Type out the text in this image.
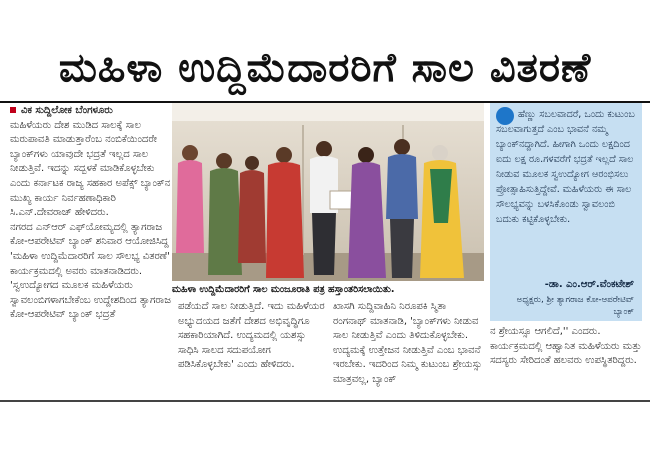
ಮಹಿಳಾ ಉದ್ದಿಮೆದಾರರಿಗೆ ಸಾಲ ವಿತರಣೆ

ವಿಕ ಸುದ್ದಿಲೋಕ ಬೆಂಗಳೂರು

ಮಹಿಳೆಯರು ದೇಶ ಮುಡಿದ ಸಾಲಕ್ಕೆ ಸಾಲ ಮರುಪಾವತಿ ಮಾಡುತ್ತಾರೆಂಬ ನಂಬಿಕೆಯಿಂದರೇ ಬ್ಯಾಂಕ್‌ಗಳು ಯಾವುದೇ ಭದ್ರತೆ ಇಲ್ಲದ ಸಾಲ ನೀಡುತ್ತಿವೆ. ಇದನ್ನು ಸದ್ಬಳಕೆ ಮಾಡಿಕೊಳ್ಳಬೇಕು ಎಂದು ಕರ್ನಾಟಕ ರಾಜ್ಯ ಸಹಕಾರ ಅಪೆಕ್ಸ್ ಬ್ಯಾಂಕ್‌ನ ಮುಖ್ಯ ಕಾರ್ಯ ನಿರ್ವಹಣಾಧಿಕಾರಿ ಸಿ.ಎನ್.ದೇವರಾಜ್ ಹೇಳಿದರು.

ನಗರದ ಎನ್‌ಆರ್ ಎಫ್‌ಯೋಮ್ಯದಲ್ಲಿ ತ್ಯಾಗರಾಜ ಕೋ-ಆಪರೇಟಿವ್ ಬ್ಯಾಂಕ್ ಶನಿವಾರ ಆಯೋಜಿಸಿದ್ದ 'ಮಹಿಳಾ ಉದ್ದಿಮೆದಾರರಿಗೆ ಸಾಲ ಸೌಲಭ್ಯ ವಿತರಣೆ' ಕಾರ್ಯಕ್ರಮದಲ್ಲಿ ಅವರು ಮಾತನಾಡಿದರು.

'ಸ್ವಉದ್ಯೋಗದ ಮೂಲಕ ಮಹಿಳೆಯರು ಸ್ವಾವಲಂಬಿಗಳಾಗಬೇಕೆಂಬ ಉದ್ದೇಶದಿಂದ ತ್ಯಾಗರಾಜ ಕೋ-ಆಪರೇಟಿವ್ ಬ್ಯಾಂಕ್ ಭದ್ರತೆ

ಮಹಿಳಾ ಉದ್ದಿಮೆದಾರರಿಗೆ ಸಾಲ ಮಂಜೂರಾತಿ ಪತ್ರ ಹಸ್ತಾಂತರಿಸಲಾಯಿತು.

ಪಡೆಯದೆ ಸಾಲ ನೀಡುತ್ತಿದೆ. ಇದು ಮಹಿಳೆಯರ ಅಭ್ಯುದಯದ ಜತೆಗೆ ದೇಶದ ಅಭಿವೃದ್ಧಿಗೂ ಸಹಕಾರಿಯಾಗಿದೆ. ಉದ್ಯಮದಲ್ಲಿ ಯಶಸ್ಸು ಸಾಧಿಸಿ ಸಾಲದ ಸದುಪಯೋಗ ಪಡಿಸಿಕೊಳ್ಳಬೇಕು' ಎಂದು ಹೇಳಿದರು.

ಖಾಸಗಿ ಸುದ್ದಿವಾಹಿನಿ ನಿರೂಪಕಿ ಸ್ಮಿತಾ ರಂಗನಾಥ್ ಮಾತನಾಡಿ, 'ಬ್ಯಾಂಕ್‌ಗಳು ನೀಡುವ ಸಾಲ ನೀಡುತ್ತಿವೆ ಎಂದು ತಿಳಿದುಕೊಳ್ಳಬೇಕು. ಉದ್ಯಮಕ್ಕೆ ಉತ್ತೇಜನ ನೀಡುತ್ತಿವೆ ಎಂಬ ಭಾವನೆ ಇರಬೇಕು. ಇದರಿಂದ ನಿಮ್ಮ ಕುಟುಂಬ ಶ್ರೇಯಸ್ಸು ಮಾತ್ರವಲ್ಲ, ಬ್ಯಾಂಕ್

ಹೆಣ್ಣು ಸಬಲವಾದರೆ, ಒಂದು ಕುಟುಂಬ ಸಬಲವಾಗುತ್ತದೆ ಎಂಬ ಭಾವನೆ ನಮ್ಮ ಬ್ಯಾಂಕ್‌ನದ್ದಾಗಿದೆ. ಹೀಗಾಗಿ ಒಂದು ಲಕ್ಷದಿಂದ ಐದು ಲಕ್ಷ ರೂ.ಗಳವರೆಗೆ ಭದ್ರತೆ ಇಲ್ಲದೆ ಸಾಲ ನೀಡುವ ಮೂಲಕ ಸ್ವಉದ್ಯೋಗ ಆರಂಭಿಸಲು ಪ್ರೋತ್ಸಾಹಿಸುತ್ತಿದ್ದೇವೆ. ಮಹಿಳೆಯರು ಈ ಸಾಲ ಸೌಲಭ್ಯವನ್ನು ಬಳಸಿಕೊಂಡು ಸ್ವಾವಲಂಬಿ ಬದುಕು ಕಟ್ಟಿಕೊಳ್ಳಬೇಕು.
-ಡಾ. ಎಂ.ಆರ್.ವೆಂಕಟೇಶ್
ಅಧ್ಯಕ್ಷರು, ಶ್ರೀ ತ್ಯಾಗರಾಜ ಕೋ-ಆಪರೇಟಿವ್ ಬ್ಯಾಂಕ್

ನ ಶ್ರೇಯಸ್ಸೂ ಆಗಲಿದೆ,'' ಎಂದರು. ಕಾರ್ಯಕ್ರಮದಲ್ಲಿ ಆಹ್ವಾನಿತ ಮಹಿಳೆಯರು ಮತ್ತು ಸದಸ್ಯರು ಸೇರಿದಂತೆ ಹಲವರು ಉಪಸ್ಥಿತರಿದ್ದರು.
